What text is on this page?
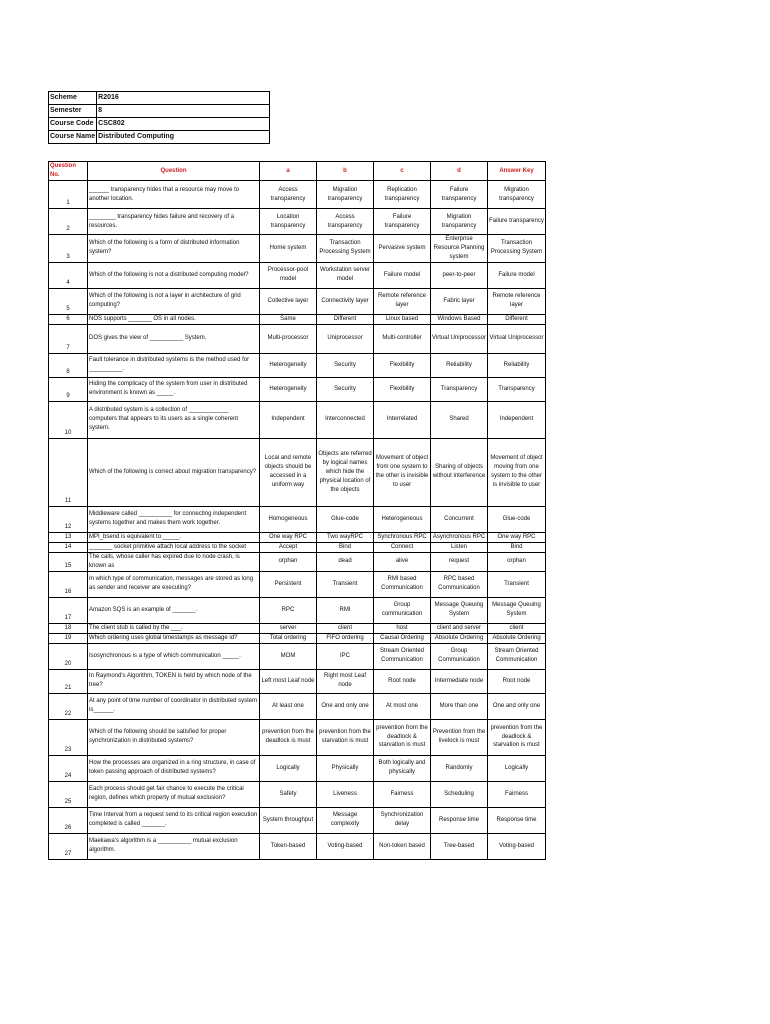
Scheme	R2016
Semester	8
Course Code	CSC802
Course Name	Distributed Computing
Question No.	Question	a	b	c	d	Answer Key
1	______ transparency hides that a resource may move to another location.	Access transparency	Migration transparency	Replication transparency	Failure transparency	Migration transparency
2	________ transparency hides failure and recovery of a resources.	Location transparency	Access transparency	Failure transparency	Migration transparency	Failure transparency
3	Which of the following is a form of distributed information system?	Home system	Transaction Processing System	Pervasive system	Enterprise Resource Planning system	Transaction Processing System
4	Which of the following is not a distributed computing model?	Processor-pool model	Workstation server model	Failure model	peer-to-peer	Failure model
5	Which of the following is not a layer in architecture of grid computing?	Collective layer	Connectivity layer	Remote reference layer	Fabric layer	Remote reference layer
6	NOS supports _______ OS in all nodes.	Same	Different	Linux based	Windows Based	Different
7	DOS gives the view of __________ System.	Multi-processor	Uniprocessor	Multi-controller	Virtual Uniprocessor	Virtual Uniprocessor
8	Fault tolerance in distributed systems is the method used for __________.	Heterogeneity	Security	Flexibility	Reliability	Reliability
9	Hiding the complicacy of the system from user in distributed environment is known as _____.	Heterogeneity	Security	Flexibility	Transparency	Transparency
10	A distributed system is a collection of ____________ computers that appears to its users as a single coherent system.	Independent	Interconnected	Interrelated	Shared	Independent
11	Which of the following is correct about migration transparency?	Local and remote objects should be accessed in a uniform way	Objects are referred by logical names which hide the physical location of the objects	Movement of object from one system to the other is invisible to user	Sharing of objects without interference	Movement of object moving from one system to the other is invisible to user
12	Middleware called __________ for connecting independent systems together and makes them work together.	Homogeneous	Glue-code	Heterogeneous	Concurrent	Glue-code
13	MPI_bsend is equivalent to _____.	One way RPC	Two wayRPC	Synchronous RPC	Asynchronous RPC	One way RPC
14	_______ socket primitive attach local address to the socket	Accept	Bind	Connect	Listen	Bind
15	The calls, whose caller has expired due to node crash, is known as	orphan	dead	alive	request	orphan
16	In which type of communication, messages are stored as long as sender and receiver are executing?	Persistent	Transient	RMI based Communication	RPC based Communication	Transient
17	Amazon SQS is an example of _______.	RPC	RMI	Group communication	Message Queuing System	Message Queuing System
18	The client stub is called by the ___.	server	client	host	client and server	client
19	Which ordering uses global timestamps as message id?	Total ordering	FIFO ordering	Causal Ordering	Absolute Ordering	Absolute Ordering
20	Isosynchronous is a type of which communication _____.	MOM	IPC	Stream Oriented Communication	Group Communication	Stream Oriented Communication
21	In Raymond's Algorithm, TOKEN is held by which node of the tree?	Left most Leaf node	Right most Leaf node	Root node	Intermediate node	Root node
22	At any point of time number of coordinator in distributed system is______.	At least one	One and only one	At most one	More than one	One and only one
23	Which of the following should be satisfied for proper synchronization in distributed systems?	prevention from the deadlock is must	prevention from the starvation is must	prevention from the deadlock & starvation is must	Prevention from the livelock is must	prevention from the deadlock & starvation is must
24	How the processes are organized in a ring structure, in case of token passing approach of distributed systems?	Logically	Physically	Both logically and physically	Randomly	Logically
25	Each process should get fair chance to execute the critical region, defines which property of mutual exclusion?	Safety	Liveness	Fairness	Scheduling	Fairness
26	Time Interval from a request send to its critical region execution completed is called _______.	System throughput	Message complexity	Synchronization delay	Response time	Response time
27	Maekawa's algorithm is a __________ mutual exclusion algorithm.	Token-based	Voting-based	Non-token based	Tree-based	Voting-based
